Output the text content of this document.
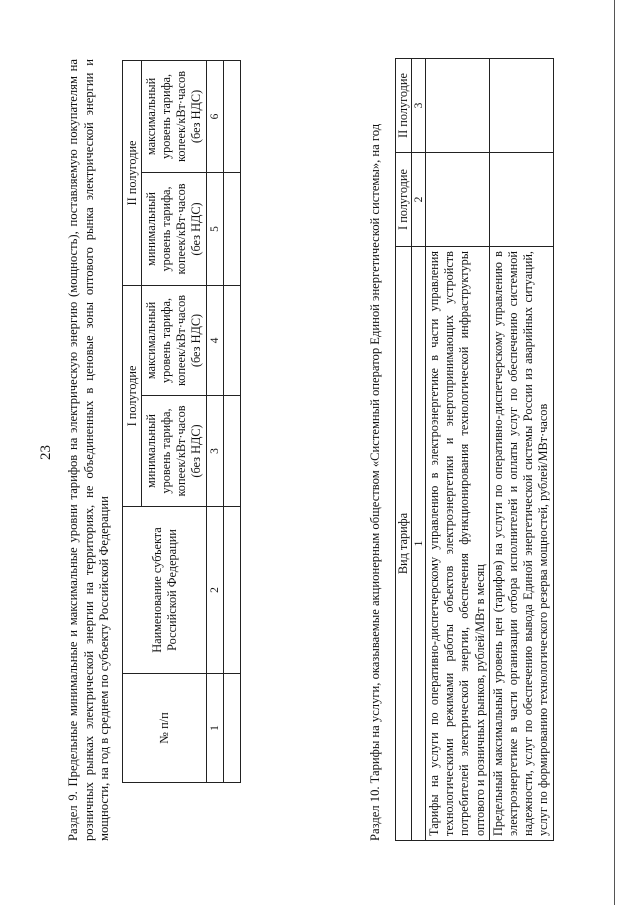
23 Раздел 9. Предельные минимальные и максимальные уровни тарифов на электрическую энергию (мощность), поставляемую покупателям на розничных рынках электрической энергии на территориях, не объединенных в ценовые зоны оптового рынка электрической энергии и мощности, на год в среднем по субъекту Российской Федерации	№ п/п	Наименование субъекта Российской Федерации	I полугодие		II полугодие	
		минимальный уровень тарифа, копеек/кВт·часов (без НДС)	максимальный уровень тарифа, копеек/кВт·часов (без НДС)	минимальный уровень тарифа, копеек/кВт·часов (без НДС)	максимальный уровень тарифа, копеек/кВт·часов (без НДС)
1	2	3	4	5	6

Раздел 10. Тарифы на услуги, оказываемые акционерным обществом «Системный оператор Единой энергетической системы», на год Вид тарифа	I полугодие	II полугодие
1	2	3
Тарифы на услуги по оперативно-диспетчерскому управлению в электроэнергетике в части управления технологическими режимами работы объектов электроэнергетики и энергопринимающих устройств потребителей электрической энергии, обеспечения функционирования технологической инфраструктуры оптового и розничных рынков, рублей/МВт в месяц		
Предельный максимальный уровень цен (тарифов) на услуги по оперативно-диспетчерскому управлению в электроэнергетике в части организации отбора исполнителей и оплаты услуг по обеспечению системной надежности, услуг по обеспечению вывода Единой энергетической системы России из аварийных ситуаций, услуг по формированию технологического резерва мощностей, рублей/МВт·часов		
